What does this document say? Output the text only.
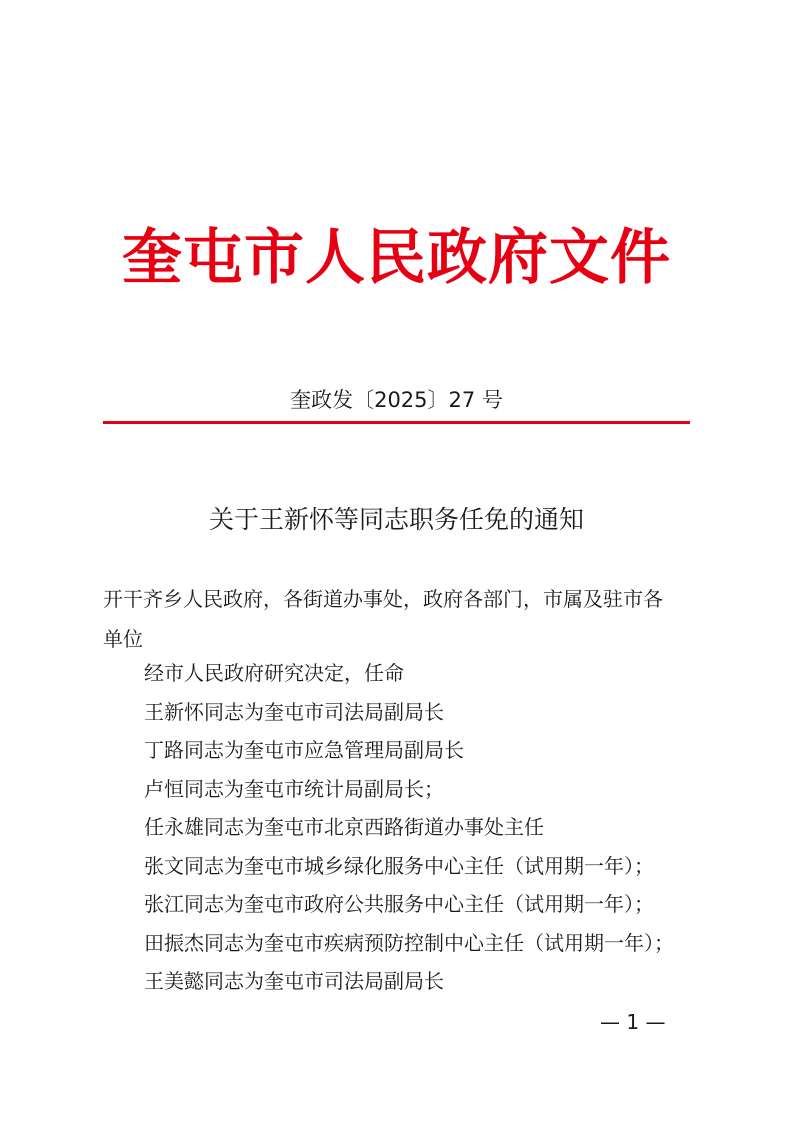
奎屯市人民政府文件
奎政发〔2025〕27 号
关于王新怀等同志职务任免的通知
开干齐乡人民政府，各街道办事处，政府各部门，市属及驻市各
单位
经市人民政府研究决定，任命
王新怀同志为奎屯市司法局副局长
丁路同志为奎屯市应急管理局副局长
卢恒同志为奎屯市统计局副局长；
任永雄同志为奎屯市北京西路街道办事处主任
张文同志为奎屯市城乡绿化服务中心主任（试用期一年）；
张江同志为奎屯市政府公共服务中心主任（试用期一年）；
田振杰同志为奎屯市疾病预防控制中心主任（试用期一年）；
王美懿同志为奎屯市司法局副局长
— 1 —
